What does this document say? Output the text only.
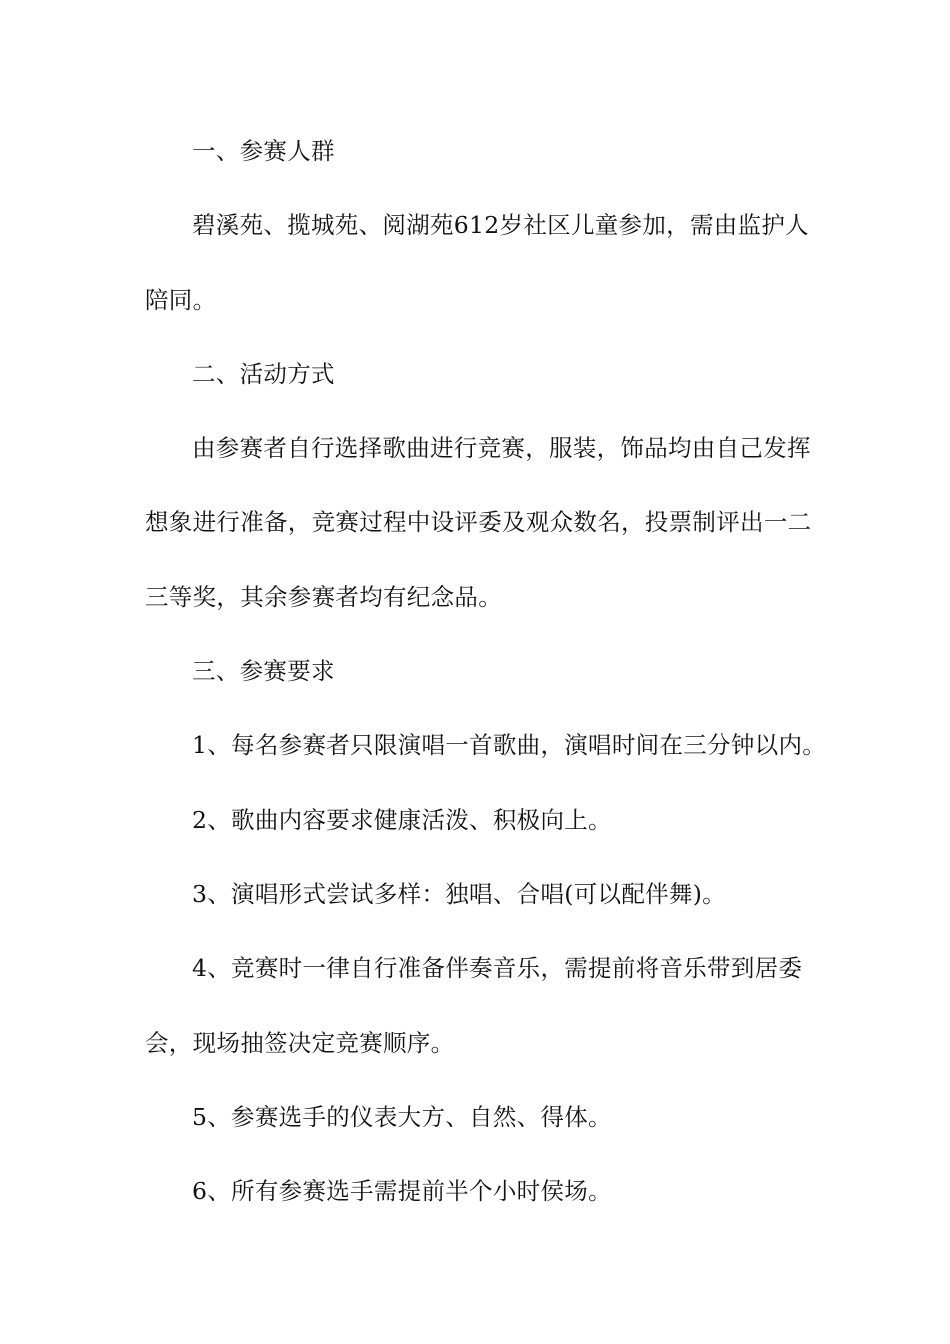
一、参赛人群

碧溪苑、揽城苑、阅湖苑612岁社区儿童参加，需由监护人陪同。

二、活动方式

由参赛者自行选择歌曲进行竞赛，服装，饰品均由自己发挥想象进行准备，竞赛过程中设评委及观众数名，投票制评出一二三等奖，其余参赛者均有纪念品。

三、参赛要求

1、每名参赛者只限演唱一首歌曲，演唱时间在三分钟以内。

2、歌曲内容要求健康活泼、积极向上。

3、演唱形式尝试多样：独唱、合唱(可以配伴舞)。

4、竞赛时一律自行准备伴奏音乐，需提前将音乐带到居委会，现场抽签决定竞赛顺序。

5、参赛选手的仪表大方、自然、得体。

6、所有参赛选手需提前半个小时侯场。
